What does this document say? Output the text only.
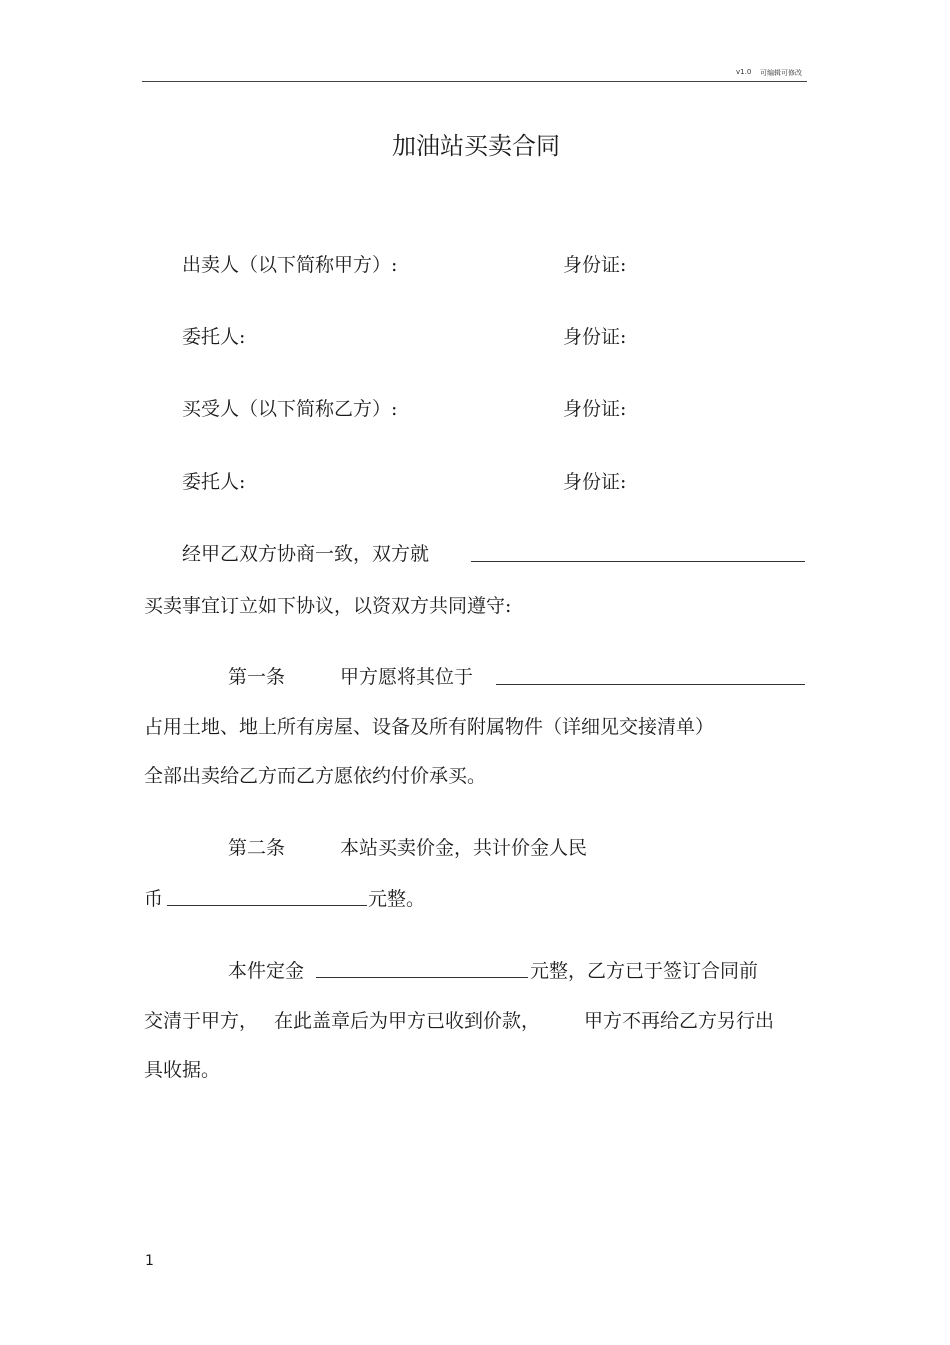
v1.0 可编辑可修改
加油站买卖合同
出卖人（以下简称甲方）:	身份证:
委托人:	身份证:
买受人（以下简称乙方）:	身份证:
委托人:	身份证:
经甲乙双方协商一致，双方就
买卖事宜订立如下协议，以资双方共同遵守:
第一条	甲方愿将其位于
占用土地、地上所有房屋、设备及所有附属物件（详细见交接清单）
全部出卖给乙方而乙方愿依约付价承买。
第二条	本站买卖价金，共计价金人民
币	元整。
本件定金	元整，乙方已于签订合同前
交清于甲方， 在此盖章后为甲方已收到价款， 甲方不再给乙方另行出
具收据。
1
